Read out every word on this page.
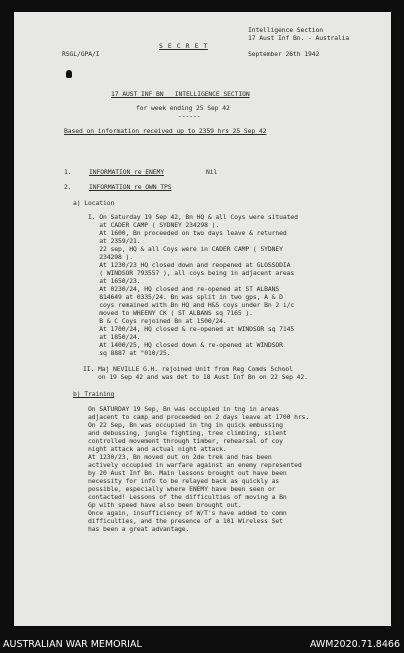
Intelligence Section
17 Aust Inf Bn. - Australia
S E C R E T
RSGL/GPA/I	September 26th 1942
17 AUST INF BN   INTELLIGENCE SECTION
for week ending 25 Sep 42
------
Based on information received up to 2359 hrs 25 Sep 42
1.	INFORMATION re ENEMY	Nil
2.	INFORMATION re OWN TPS
a) Location
I. On Saturday 19 Sep 42, Bn HQ & all Coys were situated
at CADER CAMP ( SYDNEY 234298 ).
At 1600, Bn proceeded on two days leave & returned
at 2359/21.
22 sep, HQ & all Coys were in CADER CAMP ( SYDNEY
234298 ).
At 1230/23 HQ closed down and reopened at GLOSSODIA
( WINDSOR 793557 ), all coys being in adjacent areas
at 1650/23.
At 0230/24, HQ closed and re-opened at ST ALBANS
814649 at 0335/24. Bn was split in two gps, A & D
coys remained with Bn HQ and H&S coys under Bn 2 i/c
moved to WHEENY CK ( ST ALBANS sq 7165 ).
B & C Coys rejoined Bn at 1500/24.
At 1700/24, HQ closed & re-opened at WINDSOR sq 7145
at 1850/24.
At 1400/25, HQ closed down & re-opened at WINDSOR
sq 8887 at "010/25.
II. Maj NEVILLE G.H. rejoined Unit from Reg Comds School
on 19 Sep 42 and was det to 18 Aust Inf Bn on 22 Sep 42.
b) Training
On SATURDAY 19 Sep, Bn was occupied in tng in areas
adjacent to camp and proceeded on 2 days leave at 1700 hrs.
On 22 Sep, Bn was occupied in tng in quick embussing
and debussing, jungle fighting, tree climbing, silent
controlled movement through timber, rehearsal of coy
night attack and actual night attack.
At 1230/23, Bn moved out on 2de trek and has been
actively occupied in warfare against an enemy represented
by 20 Aust Inf Bn. Main lessons brought out have been
necessity for info to be relayed back as quickly as
possible, especially where ENEMY have been seen or
contacted! Lessons of the difficulties of moving a Bn
Gp with speed have also been brought out.
Once again, insufficiency of W/T's have added to comn
difficulties, and the presence of a 101 Wireless Set
has been a great advantage.
AUSTRALIAN WAR MEMORIAL	AWM2020.71.8466
